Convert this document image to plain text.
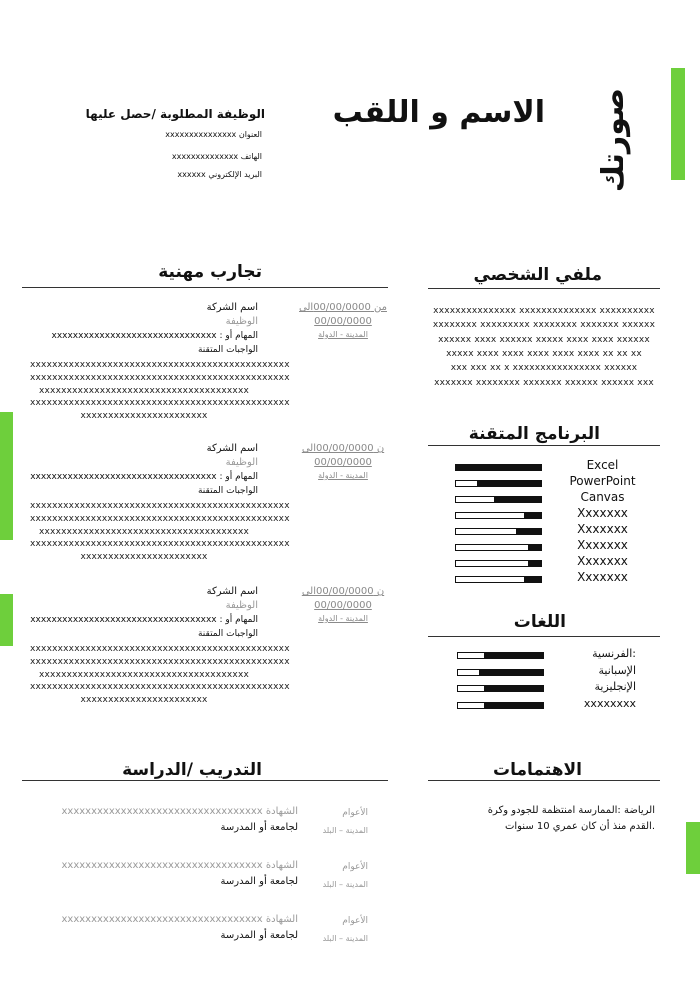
صورتك
الاسم و اللقب
الوظيفة المطلوبة /حصل عليها
العنوان xxxxxxxxxxxxxxx
الهاتف xxxxxxxxxxxxxx
البريد الإلكتروني xxxxxx
تجارب مهنية	ملفي الشخصي
xxxxxxxxxxxxxxx xxxxxxxxxxxxxx xxxxxxxxxx
xxxxxxxx xxxxxxxxx xxxxxxxx xxxxxxx xxxxxx
xxxxxx xxxx xxxxxx xxxxx xxxx xxxx xxxxxx
xxxxx xxxx xxxx xxxx xxxx xxxx xx xx xx
xxx xxx xx x xxxxxxxxxxxxxxxx xxxxxx
xxxxxxx xxxxxxxx xxxxxxx xxxxxx xxxxxx xxx
البرنامج المتقنة
Excel
PowerPoint
Canvas
Xxxxxxx
Xxxxxxx
Xxxxxxx
Xxxxxxx
Xxxxxxx
اللغات
:الفرنسية
الإسبانية
الإنجليزية
xxxxxxxx
من 00/00/0000الى
00/00/0000
المدينة - الدولة
اسم الشركة
الوظيفة
المهام أو : xxxxxxxxxxxxxxxxxxxxxxxxxxxxxxx
الواجبات المتقنة
xxxxxxxxxxxxxxxxxxxxxxxxxxxxxxxxxxxxxxxxxxxxxxx
xxxxxxxxxxxxxxxxxxxxxxxxxxxxxxxxxxxxxxxxxxxxxxx
xxxxxxxxxxxxxxxxxxxxxxxxxxxxxxxxxxxxxx
xxxxxxxxxxxxxxxxxxxxxxxxxxxxxxxxxxxxxxxxxxxxxxx
xxxxxxxxxxxxxxxxxxxxxxx
ن 00/00/0000الى
00/00/0000
المدينة - الدولة
اسم الشركة
الوظيفة
المهام أو : xxxxxxxxxxxxxxxxxxxxxxxxxxxxxxxxxxx
الواجبات المتقنة
xxxxxxxxxxxxxxxxxxxxxxxxxxxxxxxxxxxxxxxxxxxxxxx
xxxxxxxxxxxxxxxxxxxxxxxxxxxxxxxxxxxxxxxxxxxxxxx
xxxxxxxxxxxxxxxxxxxxxxxxxxxxxxxxxxxxxx
xxxxxxxxxxxxxxxxxxxxxxxxxxxxxxxxxxxxxxxxxxxxxxx
xxxxxxxxxxxxxxxxxxxxxxx
ن 00/00/0000الى
00/00/0000
المدينة - الدولة
اسم الشركة
الوظيفة
المهام أو : xxxxxxxxxxxxxxxxxxxxxxxxxxxxxxxxxxx
الواجبات المتقنة
xxxxxxxxxxxxxxxxxxxxxxxxxxxxxxxxxxxxxxxxxxxxxxx
xxxxxxxxxxxxxxxxxxxxxxxxxxxxxxxxxxxxxxxxxxxxxxx
xxxxxxxxxxxxxxxxxxxxxxxxxxxxxxxxxxxxxx
xxxxxxxxxxxxxxxxxxxxxxxxxxxxxxxxxxxxxxxxxxxxxxx
xxxxxxxxxxxxxxxxxxxxxxx
التدريب /الدراسة
الأعوام
المدينة – البلد
الشهادة xxxxxxxxxxxxxxxxxxxxxxxxxxxxxxxxxx
لجامعة أو المدرسة
الأعوام
المدينة – البلد
الشهادة xxxxxxxxxxxxxxxxxxxxxxxxxxxxxxxxxx
لجامعة أو المدرسة
الأعوام
المدينة – البلد
الشهادة xxxxxxxxxxxxxxxxxxxxxxxxxxxxxxxxxx
لجامعة أو المدرسة
الاهتمامات
الرياضة :الممارسة امنتظمة للجودو وكرة
.القدم منذ أن كان عمري 10 سنوات
